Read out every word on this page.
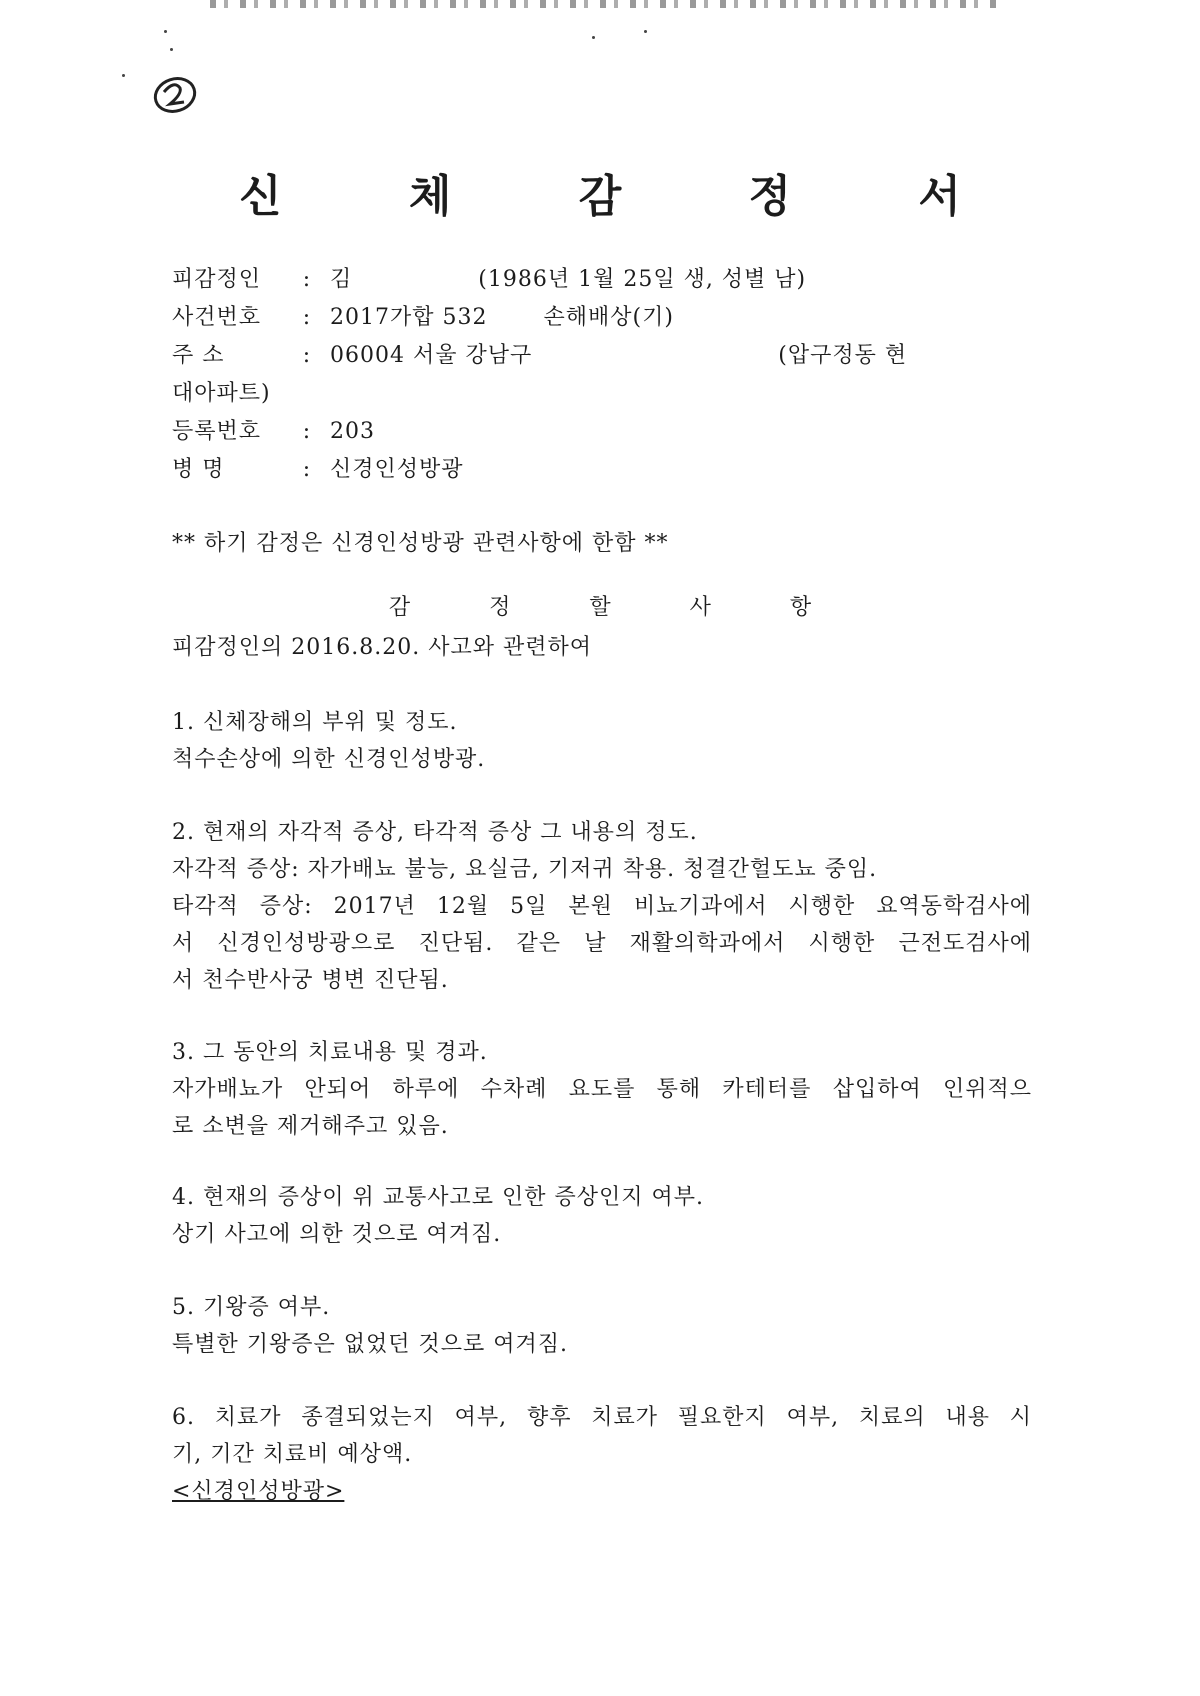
신 체 감 정 서
피감정인 : 김	(1986년 1월 25일 생, 성별 남)
사건번호 : 2017가합 532	손해배상(기)
주 소	: 06004 서울 강남구	(압구정동 현
대아파트)
등록번호 : 203
병 명	: 신경인성방광
** 하기 감정은 신경인성방광 관련사항에 한함 **
감 정 할 사 항
피감정인의 2016.8.20. 사고와 관련하여
1. 신체장해의 부위 및 정도.
척수손상에 의한 신경인성방광.
2. 현재의 자각적 증상, 타각적 증상 그 내용의 정도.
자각적 증상: 자가배뇨 불능, 요실금, 기저귀 착용. 청결간헐도뇨 중임.
타각적 증상: 2017년 12월 5일 본원 비뇨기과에서 시행한 요역동학검사에
서 신경인성방광으로 진단됨. 같은 날 재활의학과에서 시행한 근전도검사에
서 천수반사궁 병변 진단됨.
3. 그 동안의 치료내용 및 경과.
자가배뇨가 안되어 하루에 수차례 요도를 통해 카테터를 삽입하여 인위적으
로 소변을 제거해주고 있음.
4. 현재의 증상이 위 교통사고로 인한 증상인지 여부.
상기 사고에 의한 것으로 여겨짐.
5. 기왕증 여부.
특별한 기왕증은 없었던 것으로 여겨짐.
6. 치료가 종결되었는지 여부, 향후 치료가 필요한지 여부, 치료의 내용 시
기, 기간 치료비 예상액.
<신경인성방광>
